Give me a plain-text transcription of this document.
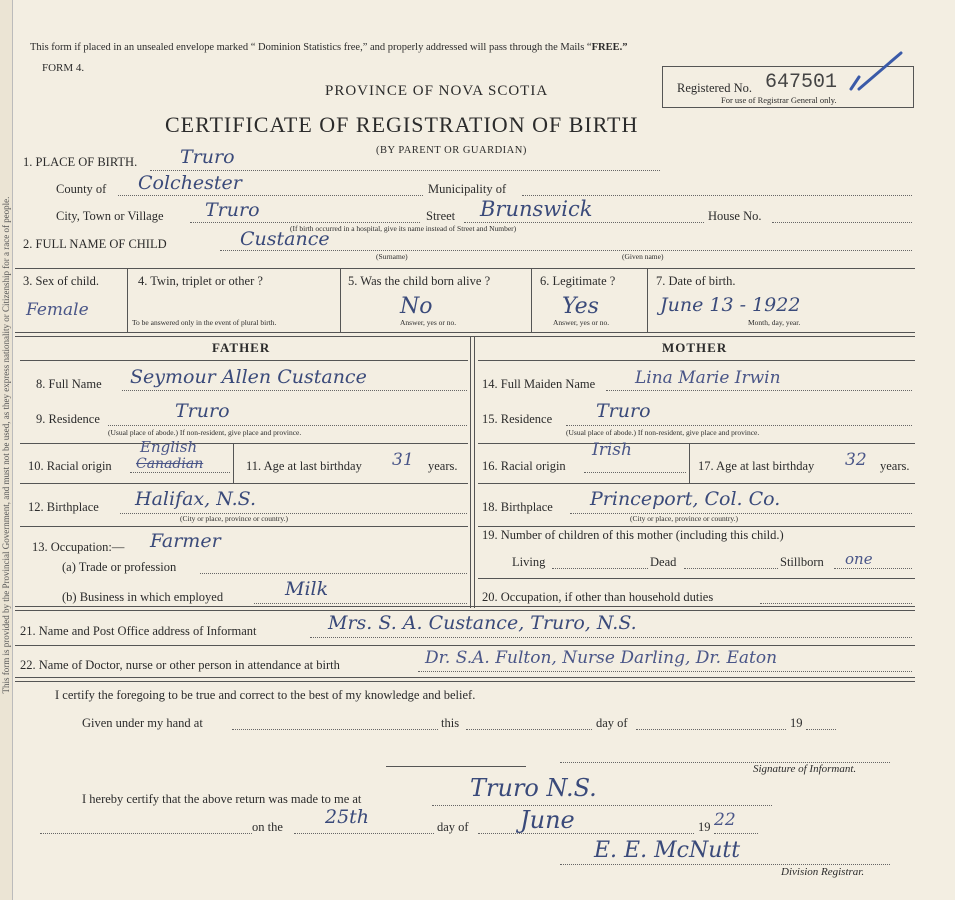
This form is provided by the Provincial Government, and must not be used, as they express nationality or Citizenship for a race of people.
This form if placed in an unsealed envelope marked “ Dominion Statistics free,” and properly addressed will pass through the Mails “FREE.”
FORM 4.
PROVINCE OF NOVA SCOTIA	Registered No. 647501
For use of Registrar General only.
CERTIFICATE OF REGISTRATION OF BIRTH
(BY PARENT OR GUARDIAN)
1. PLACE OF BIRTH. Truro
County of Colchester	Municipality of
City, Town or Village Truro	Street Brunswick	House No.
(If birth occurred in a hospital, give its name instead of Street and Number)
2. FULL NAME OF CHILD	Custance
(Surname)	(Given name)
3. Sex of child.
Female
4. Twin, triplet or other ?
To be answered only in the event of plural birth.
5. Was the child born alive ?
No
Answer, yes or no.
6. Legitimate ?
Yes
Answer, yes or no.
7. Date of birth.
June 13 - 1922
Month, day, year.
FATHER	MOTHER
8. Full Name Seymour Allen Custance
9. Residence	Truro
(Usual place of abode.) If non-resident, give place and province.
10. Racial origin
English
Canadian	11. Age at last birthday 31 years.
12. Birthplace Halifax, N.S.
(City or place, province or country.)
13. Occupation:— Farmer
(a) Trade or profession
(b) Business in which employed	Milk
14. Full Maiden Name Lina Marie Irwin
15. Residence Truro
(Usual place of abode.) If non-resident, give place and province.
16. Racial origin
Irish
17. Age at last birthday 32 years.
18. Birthplace Princeport, Col. Co.
(City or place, province or country.)
19. Number of children of this mother (including this child.)
Living	Dead	Stillborn one
20. Occupation, if other than household duties
21. Name and Post Office address of Informant	Mrs. S. A. Custance, Truro, N.S.
22. Name of Doctor, nurse or other person in attendance at birth	Dr. S.A. Fulton, Nurse Darling, Dr. Eaton
I certify the foregoing to be true and correct to the best of my knowledge and belief.
Given under my hand at	this	day of	19
Signature of Informant.
I hereby certify that the above return was made to me at	Truro N.S.
on the 25th	day of June	19 22
E. E. McNutt
Division Registrar.
